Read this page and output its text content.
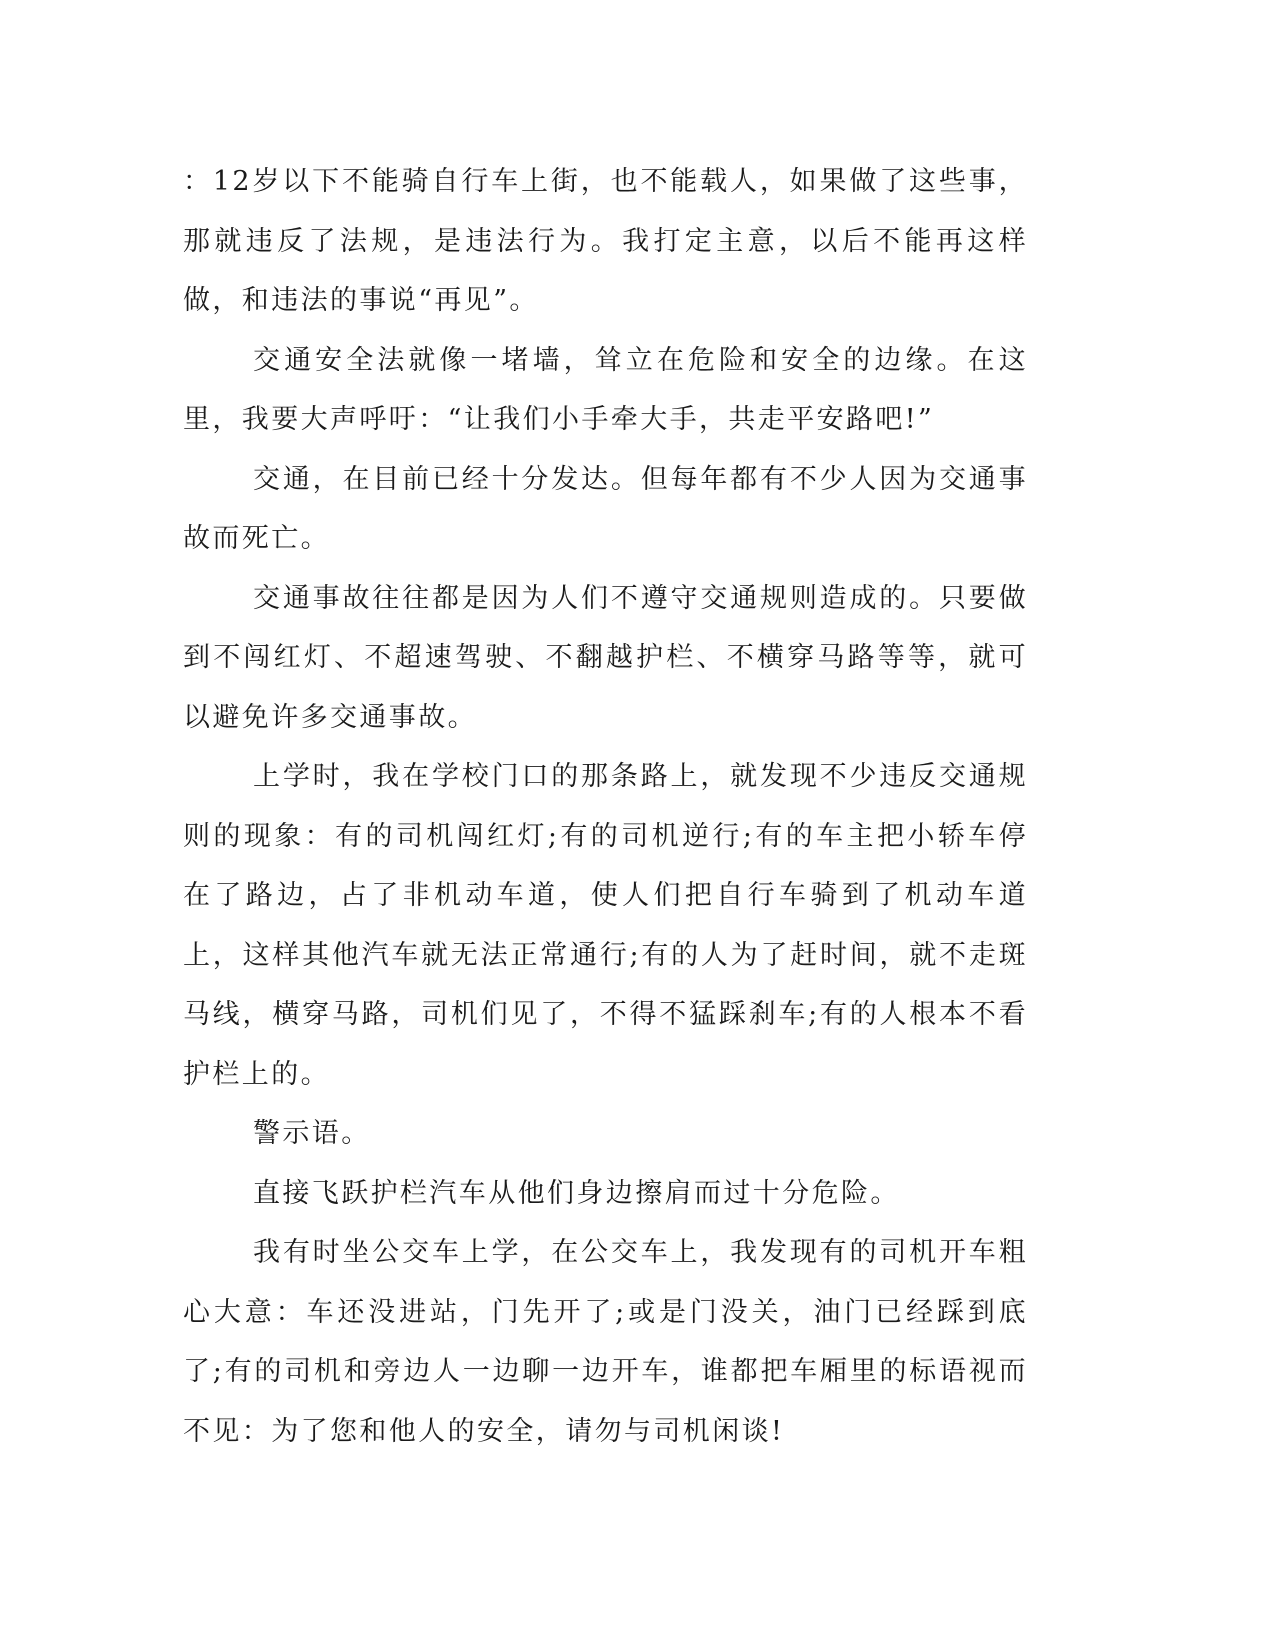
：12岁以下不能骑自行车上街，也不能载人，如果做了这些事，那就违反了法规，是违法行为。我打定主意，以后不能再这样做，和违法的事说“再见”。

交通安全法就像一堵墙，耸立在危险和安全的边缘。在这里，我要大声呼吁：“让我们小手牵大手，共走平安路吧!”

交通，在目前已经十分发达。但每年都有不少人因为交通事故而死亡。

交通事故往往都是因为人们不遵守交通规则造成的。只要做到不闯红灯、不超速驾驶、不翻越护栏、不横穿马路等等，就可以避免许多交通事故。

上学时，我在学校门口的那条路上，就发现不少违反交通规则的现象：有的司机闯红灯;有的司机逆行;有的车主把小轿车停在了路边，占了非机动车道，使人们把自行车骑到了机动车道上，这样其他汽车就无法正常通行;有的人为了赶时间，就不走斑马线，横穿马路，司机们见了，不得不猛踩刹车;有的人根本不看护栏上的。

警示语。

直接飞跃护栏汽车从他们身边擦肩而过十分危险。

我有时坐公交车上学，在公交车上，我发现有的司机开车粗心大意：车还没进站，门先开了;或是门没关，油门已经踩到底了;有的司机和旁边人一边聊一边开车，谁都把车厢里的标语视而不见：为了您和他人的安全，请勿与司机闲谈!
